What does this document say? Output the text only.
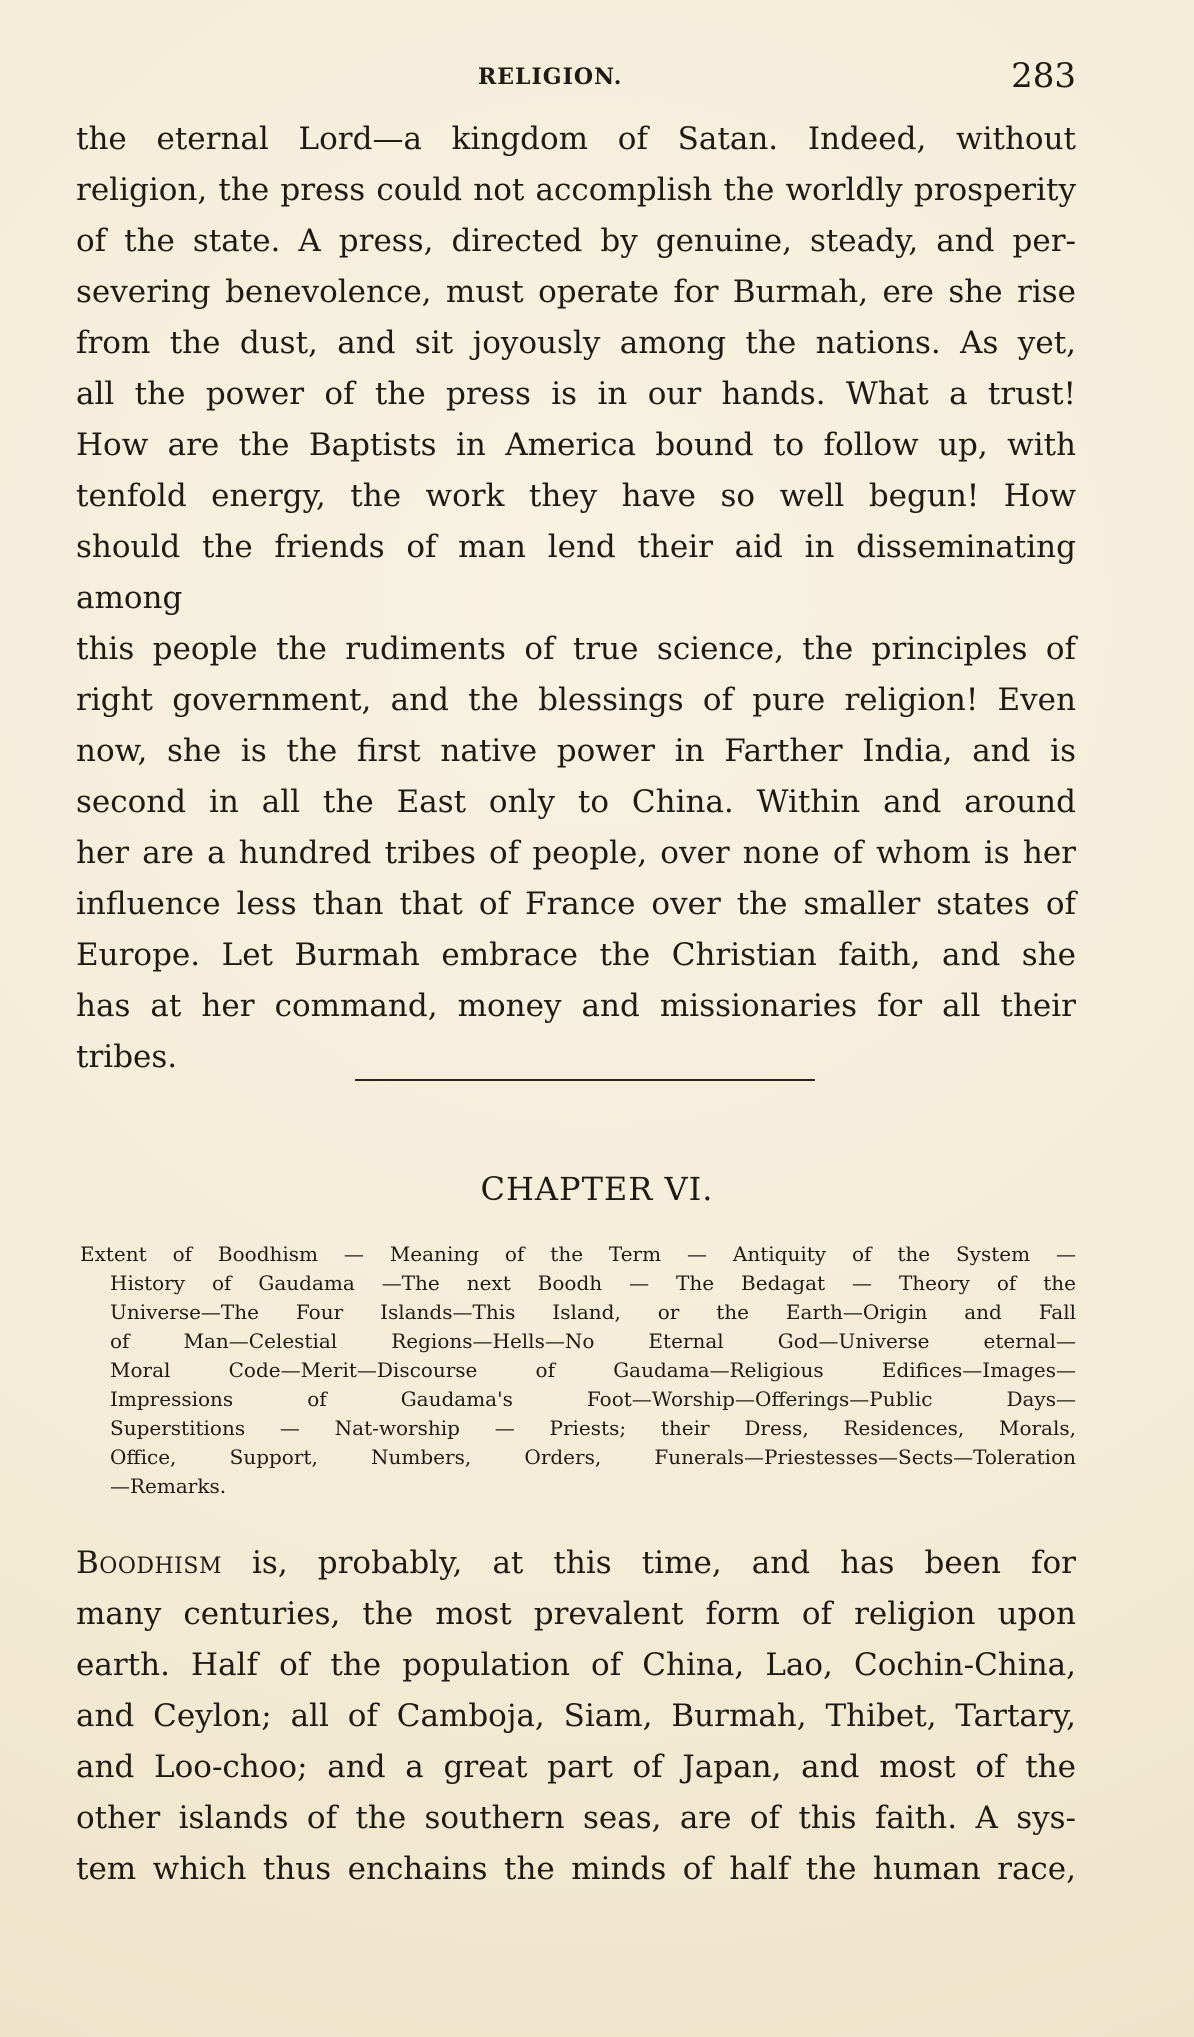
RELIGION.	283
the eternal Lord—a kingdom of Satan. Indeed, without
religion, the press could not accomplish the worldly prosperity
of the state. A press, directed by genuine, steady, and per-
severing benevolence, must operate for Burmah, ere she rise
from the dust, and sit joyously among the nations. As yet,
all the power of the press is in our hands. What a trust!
How are the Baptists in America bound to follow up, with
tenfold energy, the work they have so well begun! How
should the friends of man lend their aid in disseminating among
this people the rudiments of true science, the principles of
right government, and the blessings of pure religion! Even
now, she is the first native power in Farther India, and is
second in all the East only to China. Within and around
her are a hundred tribes of people, over none of whom is her
influence less than that of France over the smaller states of
Europe. Let Burmah embrace the Christian faith, and she
has at her command, money and missionaries for all their
tribes.
CHAPTER VI.
Extent of Boodhism — Meaning of the Term — Antiquity of the System —
History of Gaudama —The next Boodh — The Bedagat — Theory of the
Universe—The Four Islands—This Island, or the Earth—Origin and Fall
of Man—Celestial Regions—Hells—No Eternal God—Universe eternal—
Moral Code—Merit—Discourse of Gaudama—Religious Edifices—Images—
Impressions of Gaudama's Foot—Worship—Offerings—Public Days—
Superstitions — Nat-worship — Priests; their Dress, Residences, Morals,
Office, Support, Numbers, Orders, Funerals—Priestesses—Sects—Toleration
—Remarks.
Boodhism is, probably, at this time, and has been for
many centuries, the most prevalent form of religion upon
earth. Half of the population of China, Lao, Cochin-China,
and Ceylon; all of Camboja, Siam, Burmah, Thibet, Tartary,
and Loo-choo; and a great part of Japan, and most of the
other islands of the southern seas, are of this faith. A sys-
tem which thus enchains the minds of half the human race,
